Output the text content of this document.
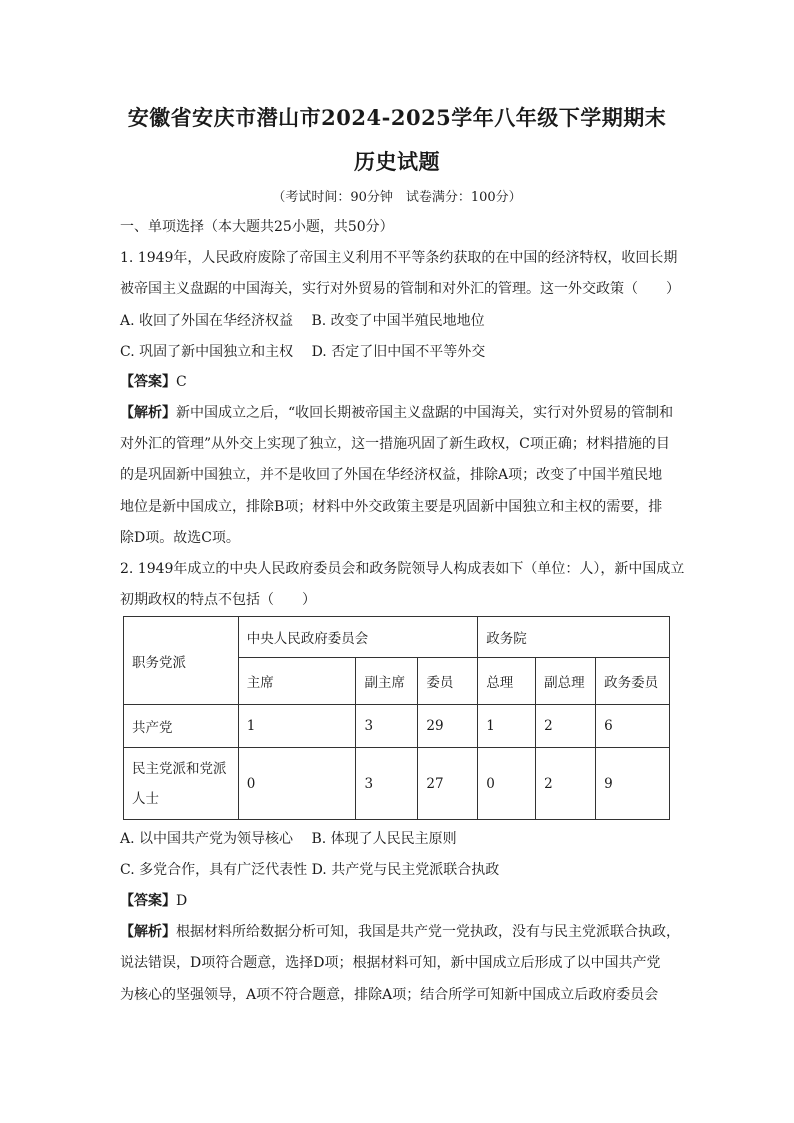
安徽省安庆市潜山市2024-2025学年八年级下学期期末
历史试题
（考试时间：90分钟　试卷满分：100分）
一、单项选择（本大题共25小题，共50分）
1. 1949年，人民政府废除了帝国主义利用不平等条约获取的在中国的经济特权，收回长期
被帝国主义盘踞的中国海关，实行对外贸易的管制和对外汇的管理。这一外交政策（　　）
A. 收回了外国在华经济权益　 B. 改变了中国半殖民地地位
C. 巩固了新中国独立和主权　 D. 否定了旧中国不平等外交
【答案】C
【解析】新中国成立之后，“收回长期被帝国主义盘踞的中国海关，实行对外贸易的管制和
对外汇的管理”从外交上实现了独立，这一措施巩固了新生政权，C项正确；材料措施的目
的是巩固新中国独立，并不是收回了外国在华经济权益，排除A项；改变了中国半殖民地
地位是新中国成立，排除B项；材料中外交政策主要是巩固新中国独立和主权的需要，排
除D项。故选C项。
2. 1949年成立的中央人民政府委员会和政务院领导人构成表如下（单位：人），新中国成立
初期政权的特点不包括（　　）
职务党派	中央人民政府委员会			政务院		
	主席	副主席	委员	总理	副总理	政务委员
共产党	1	3	29	1	2	6

民主党派和党派
人士	0	3	27	0	2	9
A. 以中国共产党为领导核心　 B. 体现了人民民主原则
C. 多党合作，具有广泛代表性 D. 共产党与民主党派联合执政
【答案】D
【解析】根据材料所给数据分析可知，我国是共产党一党执政，没有与民主党派联合执政，
说法错误，D项符合题意，选择D项；根据材料可知，新中国成立后形成了以中国共产党
为核心的坚强领导，A项不符合题意，排除A项；结合所学可知新中国成立后政府委员会
